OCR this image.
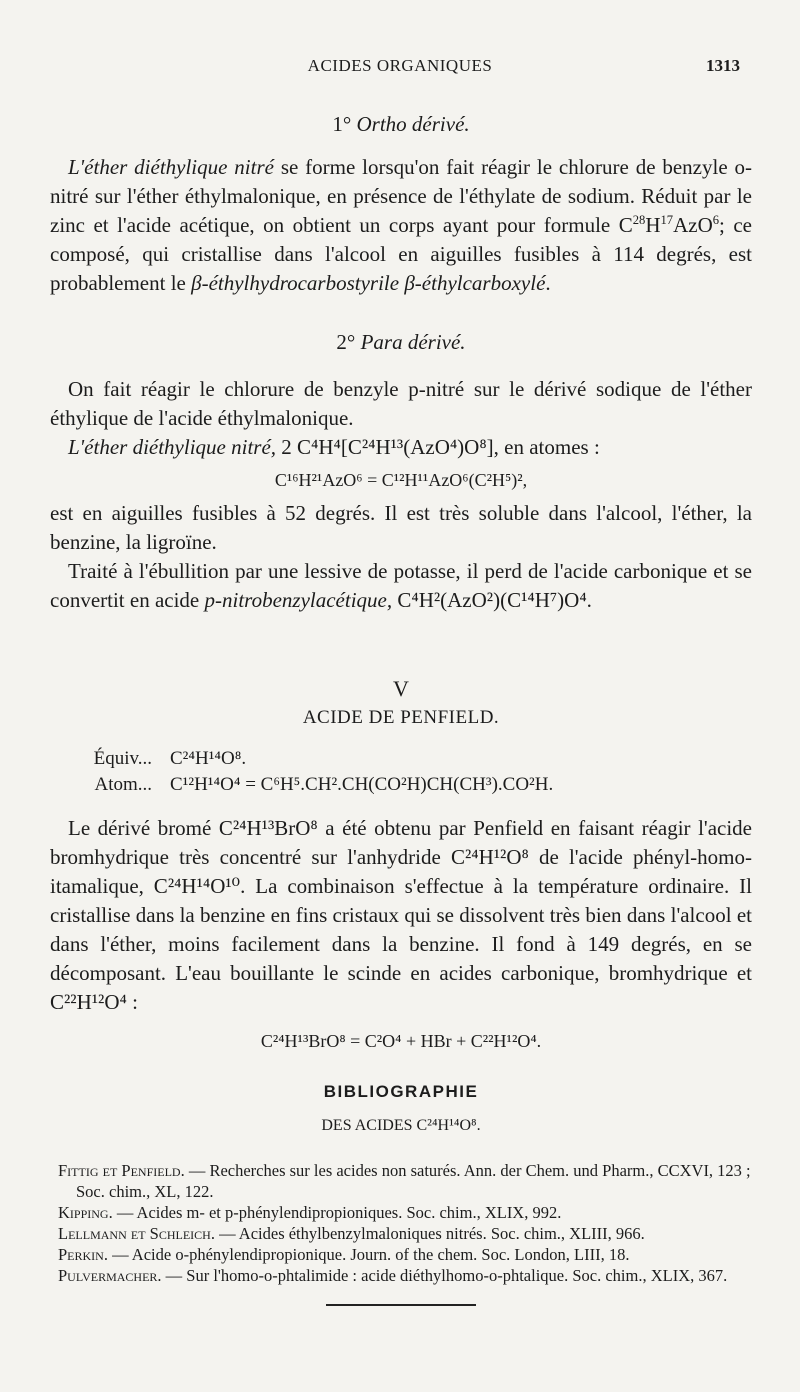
ACIDES ORGANIQUES	1313
1° Ortho dérivé.

L'éther diéthylique nitré se forme lorsqu'on fait réagir le chlorure de benzyle o-nitré sur l'éther éthylmalonique, en présence de l'éthylate de sodium. Réduit par le zinc et l'acide acétique, on obtient un corps ayant pour formule $C^{28}H^{17}AzO^6$; ce composé, qui cristallise dans l'alcool en aiguilles fusibles à 114 degrés, est probablement le β-éthylhydrocarbostyrile β-éthylcarboxylé.

2° Para dérivé.

On fait réagir le chlorure de benzyle p-nitré sur le dérivé sodique de l'éther éthylique de l'acide éthylmalonique.

L'éther diéthylique nitré, 2 C⁴H⁴[C²⁴H¹³(AzO⁴)O⁸], en atomes :

C¹⁶H²¹AzO⁶ = C¹²H¹¹AzO⁶(C²H⁵)²,

est en aiguilles fusibles à 52 degrés. Il est très soluble dans l'alcool, l'éther, la benzine, la ligroïne.

Traité à l'ébullition par une lessive de potasse, il perd de l'acide carbonique et se convertit en acide p-nitrobenzylacétique, C⁴H²(AzO²)(C¹⁴H⁷)O⁴.

V
ACIDE DE PENFIELD.
Équiv... C²⁴H¹⁴O⁸.
Atom... C¹²H¹⁴O⁴ = C⁶H⁵.CH².CH(CO²H)CH(CH³).CO²H.

Le dérivé bromé C²⁴H¹³BrO⁸ a été obtenu par Penfield en faisant réagir l'acide bromhydrique très concentré sur l'anhydride C²⁴H¹²O⁸ de l'acide phényl-homo-itamalique, C²⁴H¹⁴O¹⁰. La combinaison s'effectue à la température ordinaire. Il cristallise dans la benzine en fins cristaux qui se dissolvent très bien dans l'alcool et dans l'éther, moins facilement dans la benzine. Il fond à 149 degrés, en se décomposant. L'eau bouillante le scinde en acides carbonique, bromhydrique et C²²H¹²O⁴ :

C²⁴H¹³BrO⁸ = C²O⁴ + HBr + C²²H¹²O⁴.
BIBLIOGRAPHIE
DES ACIDES C²⁴H¹⁴O⁸.

Fittig et Penfield. — Recherches sur les acides non saturés. Ann. der Chem. und Pharm., CCXVI, 123 ; Soc. chim., XL, 122.

Kipping. — Acides m- et p-phénylendipropioniques. Soc. chim., XLIX, 992.

Lellmann et Schleich. — Acides éthylbenzylmaloniques nitrés. Soc. chim., XLIII, 966.

Perkin. — Acide o-phénylendipropionique. Journ. of the chem. Soc. London, LIII, 18.

Pulvermacher. — Sur l'homo-o-phtalimide : acide diéthylhomo-o-phtalique. Soc. chim., XLIX, 367.
